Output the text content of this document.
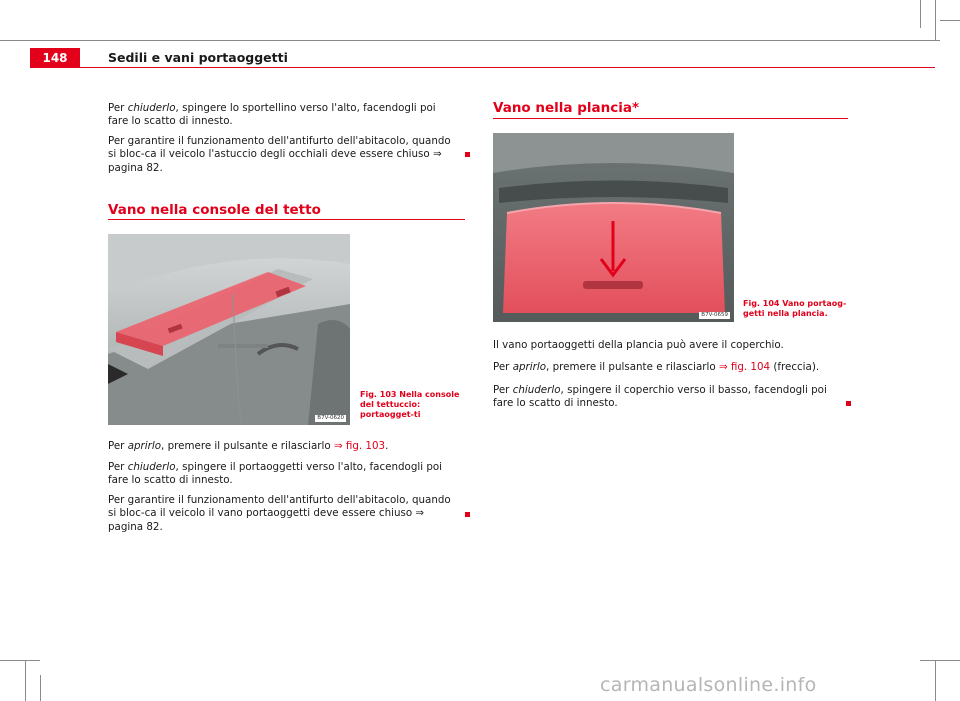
148	Sedili e vani portaoggetti

Per chiuderlo, spingere lo sportellino verso l'alto, facendogli poi fare lo scatto di innesto.

Per garantire il funzionamento dell'antifurto dell'abitacolo, quando si bloc-ca il veicolo l'astuccio degli occhiali deve essere chiuso ⇒ pagina 82.

Vano nella console del tetto
B7V-0620

Fig. 103 Nella console del tettuccio: portaogget-ti

Per aprirlo, premere il pulsante e rilasciarlo ⇒ fig. 103.

Per chiuderlo, spingere il portaoggetti verso l'alto, facendogli poi fare lo scatto di innesto.

Per garantire il funzionamento dell'antifurto dell'abitacolo, quando si bloc-ca il veicolo il vano portaoggetti deve essere chiuso ⇒ pagina 82.

Vano nella plancia*
B7V-0659

Fig. 104 Vano portaog-getti nella plancia.

Il vano portaoggetti della plancia può avere il coperchio.

Per aprirlo, premere il pulsante e rilasciarlo ⇒ fig. 104 (freccia).

Per chiuderlo, spingere il coperchio verso il basso, facendogli poi fare lo scatto di innesto.

carmanualsonline.info
